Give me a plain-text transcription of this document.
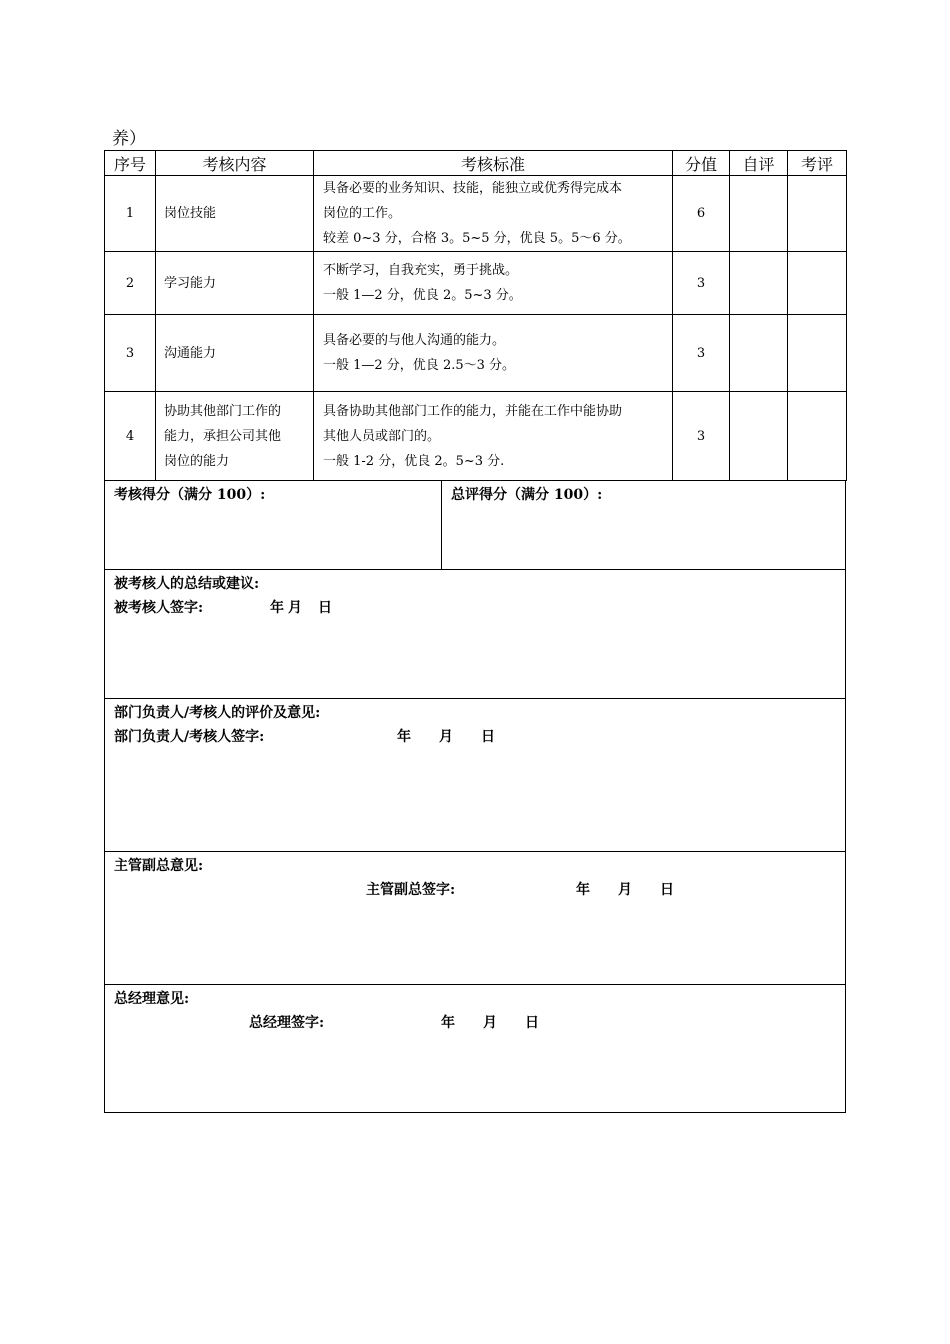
养）
序号	考核内容	考核标准	分值	自评	考评
1	岗位技能	具备必要的业务知识、技能，能独立或优秀得完成本
岗位的工作。
较差 0~3 分，合格 3。5~5 分，优良 5。5～6 分。	6		
2	学习能力	不断学习，自我充实，勇于挑战。
一般 1—2 分，优良 2。5~3 分。	3		
3	沟通能力	具备必要的与他人沟通的能力。
一般 1—2 分，优良 2.5～3 分。	3		
4	协助其他部门工作的
能力，承担公司其他
岗位的能力	具备协助其他部门工作的能力，并能在工作中能协助
其他人员或部门的。
一般 1-2 分，优良 2。5~3 分.	3		
考核得分（满分 100）:	总评得分（满分 100）:
被考核人的总结或建议:
被考核人签字:	年 月 日
部门负责人/考核人的评价及意见:
部门负责人/考核人签字:	年 月 日
主管副总意见:
主管副总签字:	年 月 日
总经理意见:
总经理签字:	年 月 日
